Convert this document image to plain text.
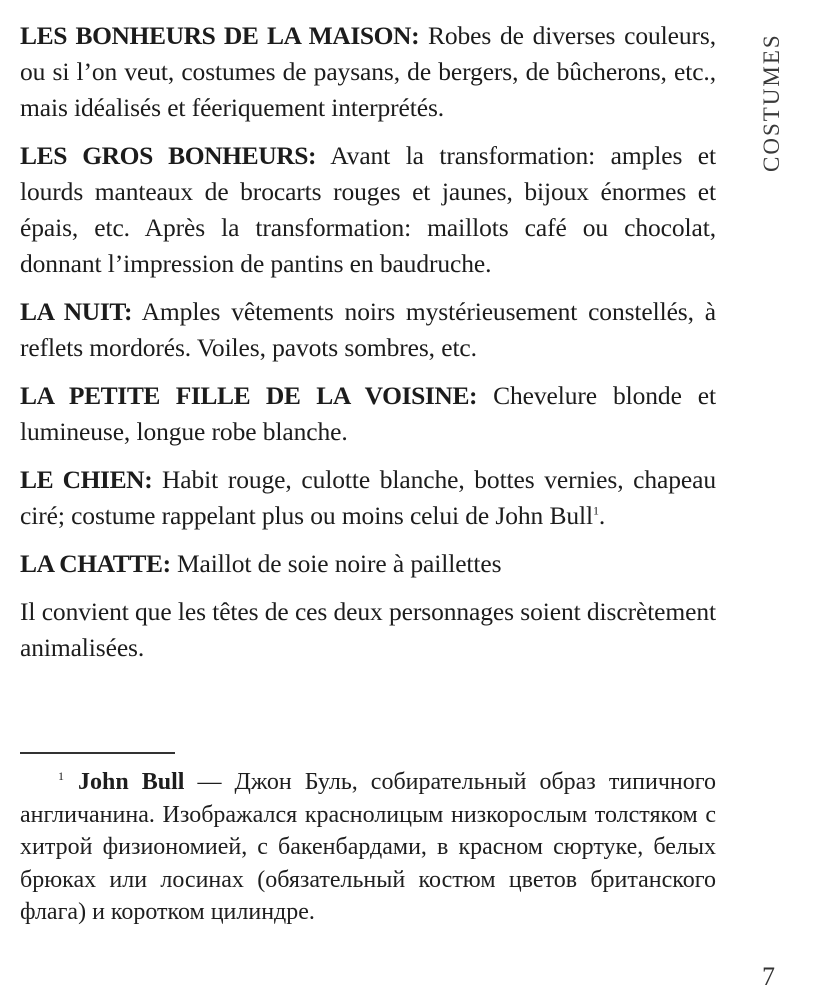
LES BONHEURS DE LA MAISON: Robes de diverses couleurs, ou si l’on veut, costumes de paysans, de bergers, de bûcherons, etc., mais idéalisés et féeriquement interprétés.

LES GROS BONHEURS: Avant la transformation: amples et lourds manteaux de brocarts rouges et jaunes, bijoux énormes et épais, etc. Après la transformation: maillots café ou chocolat, donnant l’impression de pantins en baudruche.

LA NUIT: Amples vêtements noirs mystérieusement constellés, à reflets mordorés. Voiles, pavots sombres, etc.

LA PETITE FILLE DE LA VOISINE: Chevelure blonde et lumineuse, longue robe blanche.

LE CHIEN: Habit rouge, culotte blanche, bottes vernies, chapeau ciré; costume rappelant plus ou moins celui de John Bull$^1$.

LA CHATTE: Maillot de soie noire à paillettes

Il convient que les têtes de ces deux personnages soient discrètement animalisées.

COSTUMES
$^1$ John Bull — Джон Буль, собирательный образ типичного англичанина. Изображался краснолицым низкорослым толстяком с хитрой физиономией, с бакенбардами, в красном сюртуке, белых брюках или лосинах (обязательный костюм цветов британского флага) и коротком цилиндре.
7
